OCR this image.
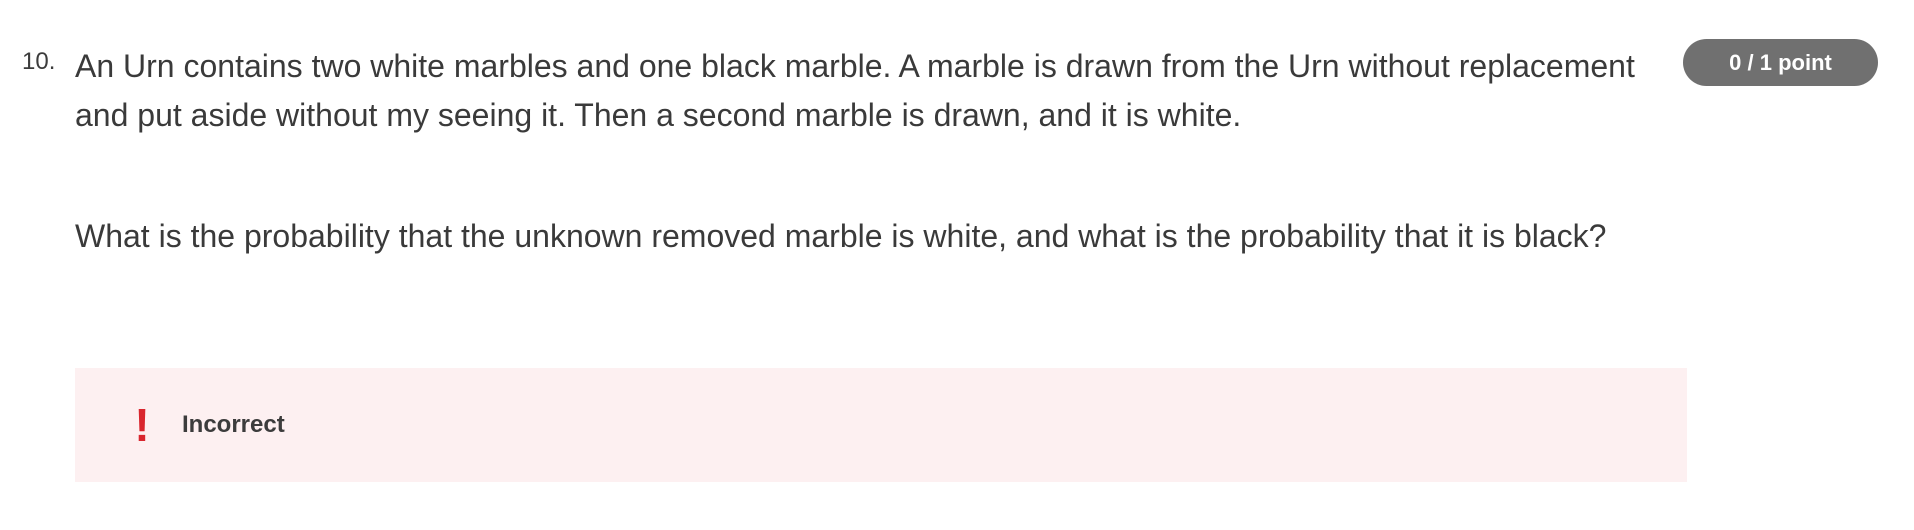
10. An Urn contains two white marbles and one black marble. A marble is drawn from the Urn without replacement and put aside without my seeing it. Then a second marble is drawn, and it is white.

What is the probability that the unknown removed marble is white, and what is the probability that it is black?

0 / 1 point
! Incorrect
